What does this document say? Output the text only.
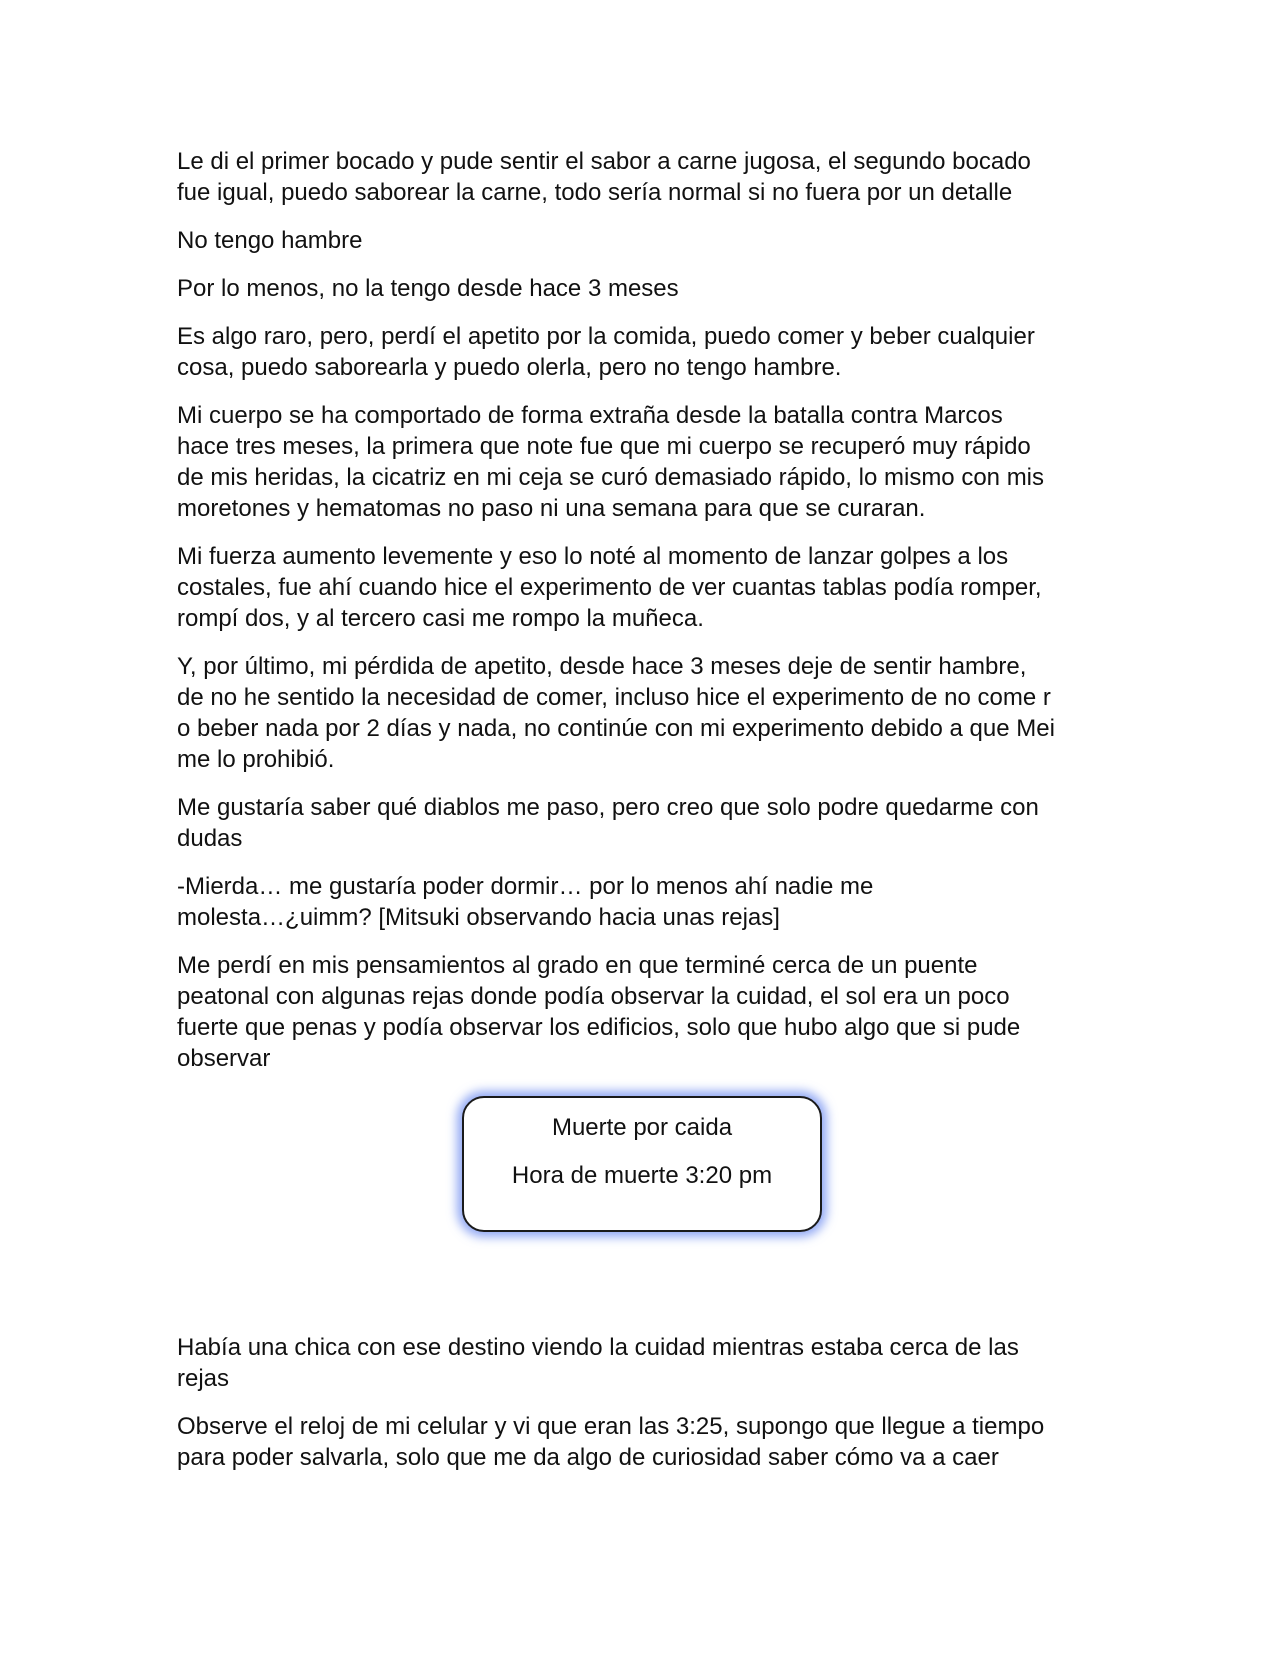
Le di el primer bocado y pude sentir el sabor a carne jugosa, el segundo bocado
fue igual, puedo saborear la carne, todo sería normal si no fuera por un detalle

No tengo hambre

Por lo menos, no la tengo desde hace 3 meses

Es algo raro, pero, perdí el apetito por la comida, puedo comer y beber cualquier
cosa, puedo saborearla y puedo olerla, pero no tengo hambre.

Mi cuerpo se ha comportado de forma extraña desde la batalla contra Marcos
hace tres meses, la primera que note fue que mi cuerpo se recuperó muy rápido
de mis heridas, la cicatriz en mi ceja se curó demasiado rápido, lo mismo con mis
moretones y hematomas no paso ni una semana para que se curaran.

Mi fuerza aumento levemente y eso lo noté al momento de lanzar golpes a los
costales, fue ahí cuando hice el experimento de ver cuantas tablas podía romper,
rompí dos, y al tercero casi me rompo la muñeca.

Y, por último, mi pérdida de apetito, desde hace 3 meses deje de sentir hambre,
de no he sentido la necesidad de comer, incluso hice el experimento de no come r
o beber nada por 2 días y nada, no continúe con mi experimento debido a que Mei
me lo prohibió.

Me gustaría saber qué diablos me paso, pero creo que solo podre quedarme con
dudas

-Mierda… me gustaría poder dormir… por lo menos ahí nadie me
molesta…¿uimm? [Mitsuki observando hacia unas rejas]

Me perdí en mis pensamientos al grado en que terminé cerca de un puente
peatonal con algunas rejas donde podía observar la cuidad, el sol era un poco
fuerte que penas y podía observar los edificios, solo que hubo algo que si pude
observar

Muerte por caida
Hora de muerte 3:20 pm

Había una chica con ese destino viendo la cuidad mientras estaba cerca de las
rejas

Observe el reloj de mi celular y vi que eran las 3:25, supongo que llegue a tiempo
para poder salvarla, solo que me da algo de curiosidad saber cómo va a caer
